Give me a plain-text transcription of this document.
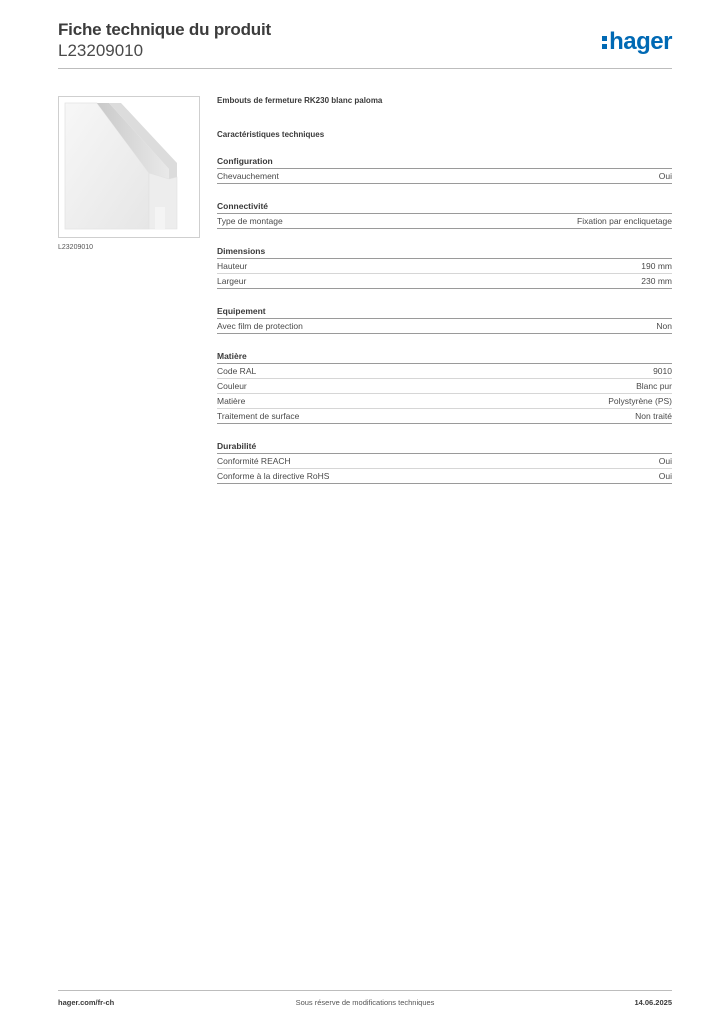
Fiche technique du produit
L23209010	hager
L23209010
Embouts de fermeture RK230 blanc paloma
Caractéristiques techniques
Configuration
Chevauchement	Oui
Connectivité
Type de montage	Fixation par encliquetage
Dimensions
Hauteur	190 mm
Largeur	230 mm
Equipement
Avec film de protection	Non
Matière
Code RAL	9010
Couleur	Blanc pur
Matière	Polystyrène (PS)
Traitement de surface	Non traité
Durabilité
Conformité REACH	Oui
Conforme à la directive RoHS	Oui
Sous réserve de modifications techniques
hager.com/fr-ch	14.06.2025
